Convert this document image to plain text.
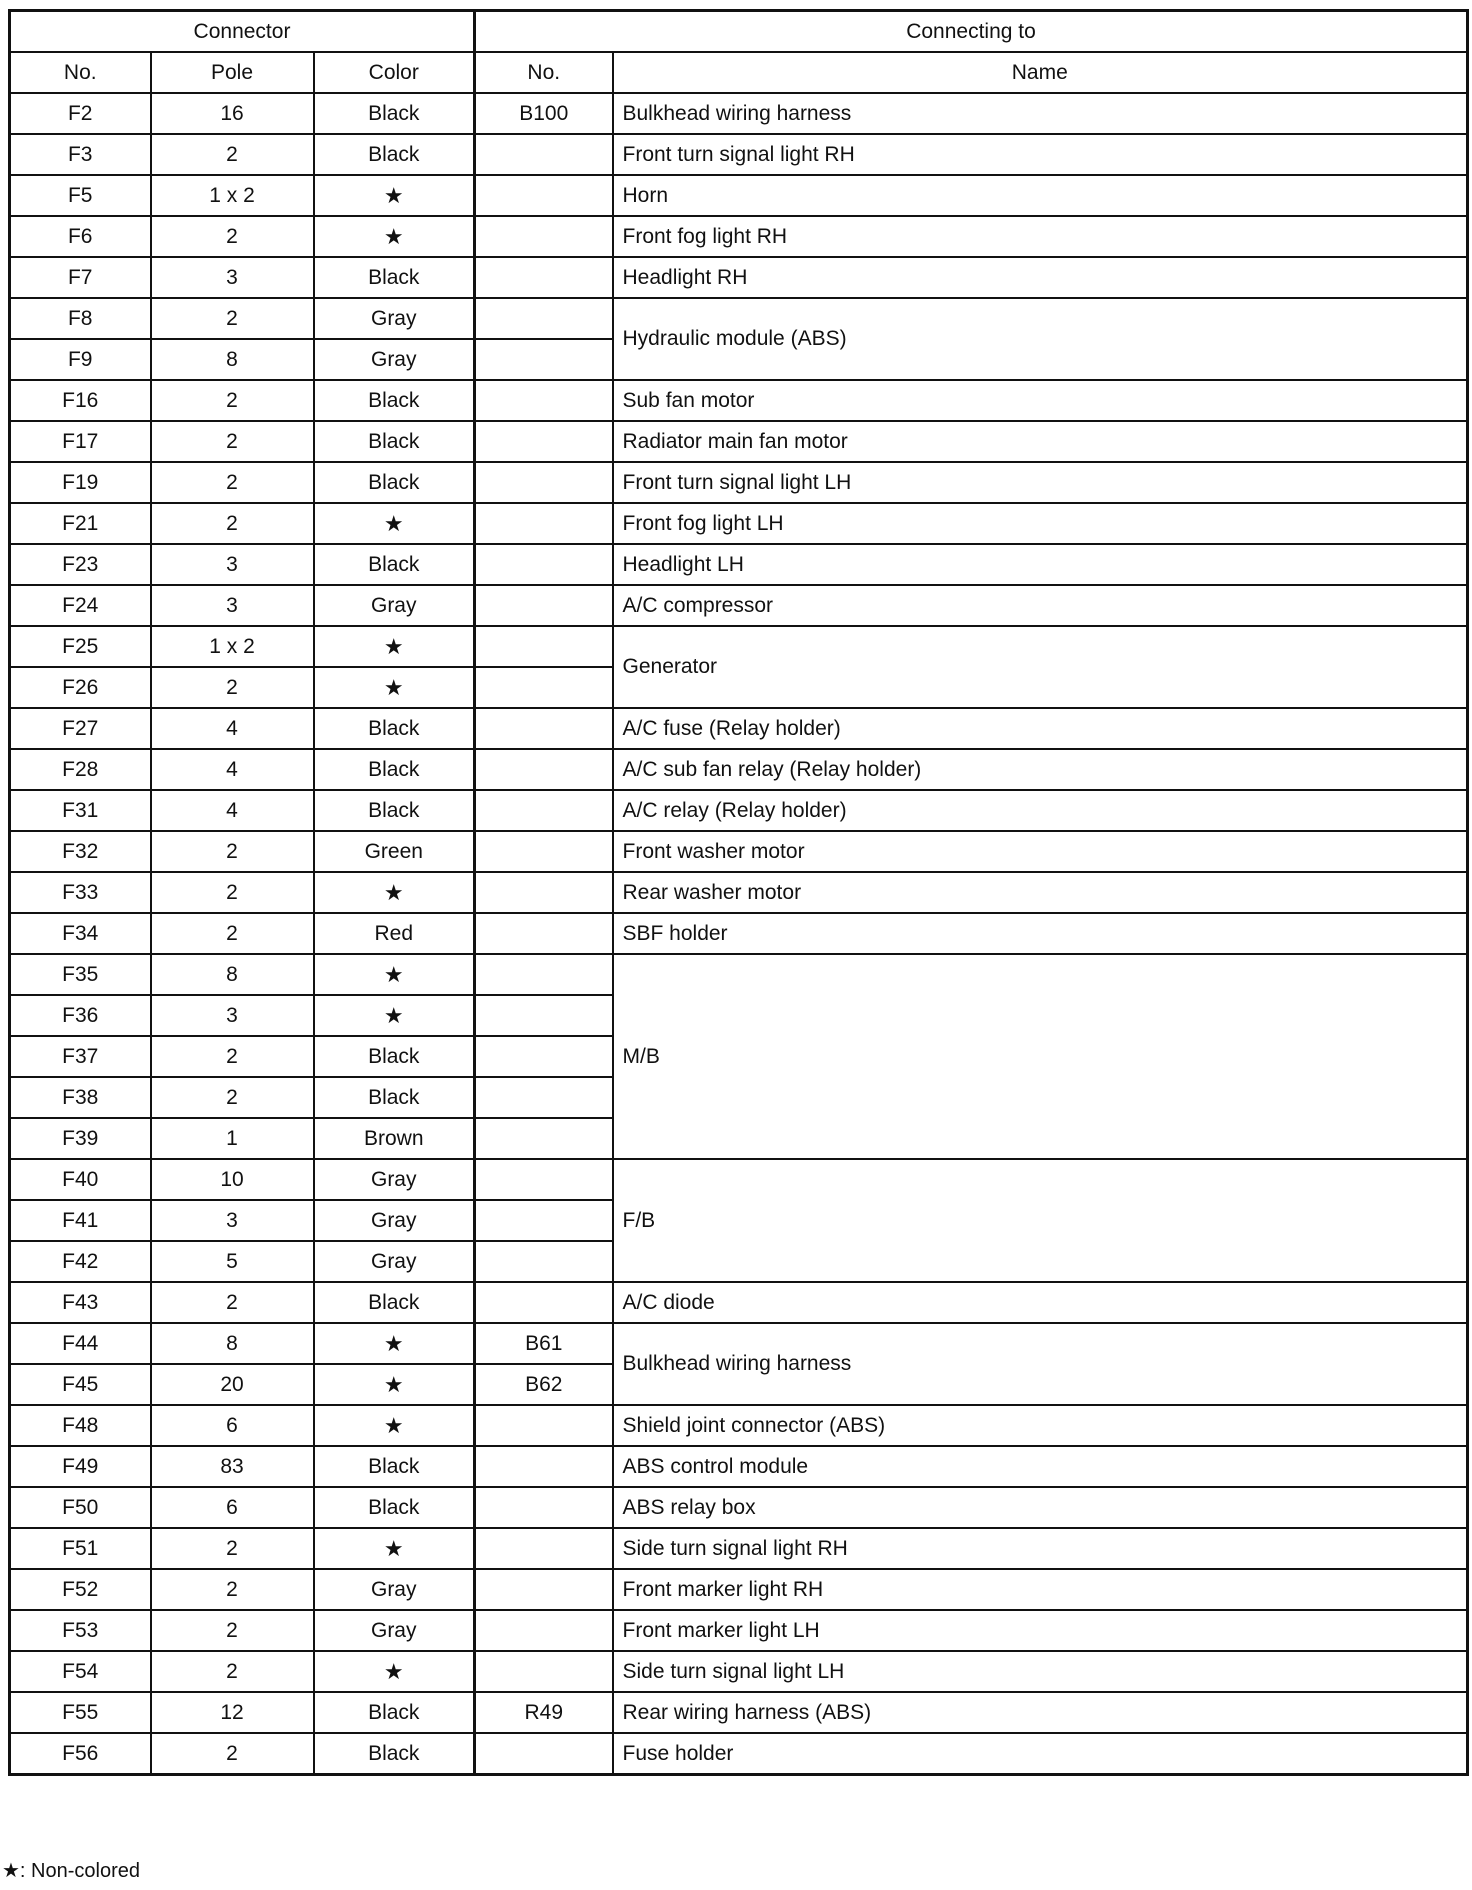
Connector			Connecting to	
No.	Pole	Color	No.	Name
F2	16	Black	B100	Bulkhead wiring harness
F3	2	Black		Front turn signal light RH
F5	1 x 2	★		Horn
F6	2	★		Front fog light RH
F7	3	Black		Headlight RH
F8	2	Gray		Hydraulic module (ABS)
F9	8	Gray		
F16	2	Black		Sub fan motor
F17	2	Black		Radiator main fan motor
F19	2	Black		Front turn signal light LH
F21	2	★		Front fog light LH
F23	3	Black		Headlight LH
F24	3	Gray		A/C compressor
F25	1 x 2	★		Generator
F26	2	★		
F27	4	Black		A/C fuse (Relay holder)
F28	4	Black		A/C sub fan relay (Relay holder)
F31	4	Black		A/C relay (Relay holder)
F32	2	Green		Front washer motor
F33	2	★		Rear washer motor
F34	2	Red		SBF holder
F35	8	★		M/B
F36	3	★		
F37	2	Black		
F38	2	Black		
F39	1	Brown		
F40	10	Gray		F/B
F41	3	Gray		
F42	5	Gray		
F43	2	Black		A/C diode
F44	8	★	B61	Bulkhead wiring harness
F45	20	★	B62	
F48	6	★		Shield joint connector (ABS)
F49	83	Black		ABS control module
F50	6	Black		ABS relay box
F51	2	★		Side turn signal light RH
F52	2	Gray		Front marker light RH
F53	2	Gray		Front marker light LH
F54	2	★		Side turn signal light LH
F55	12	Black	R49	Rear wiring harness (ABS)
F56	2	Black		Fuse holder
★: Non-colored
